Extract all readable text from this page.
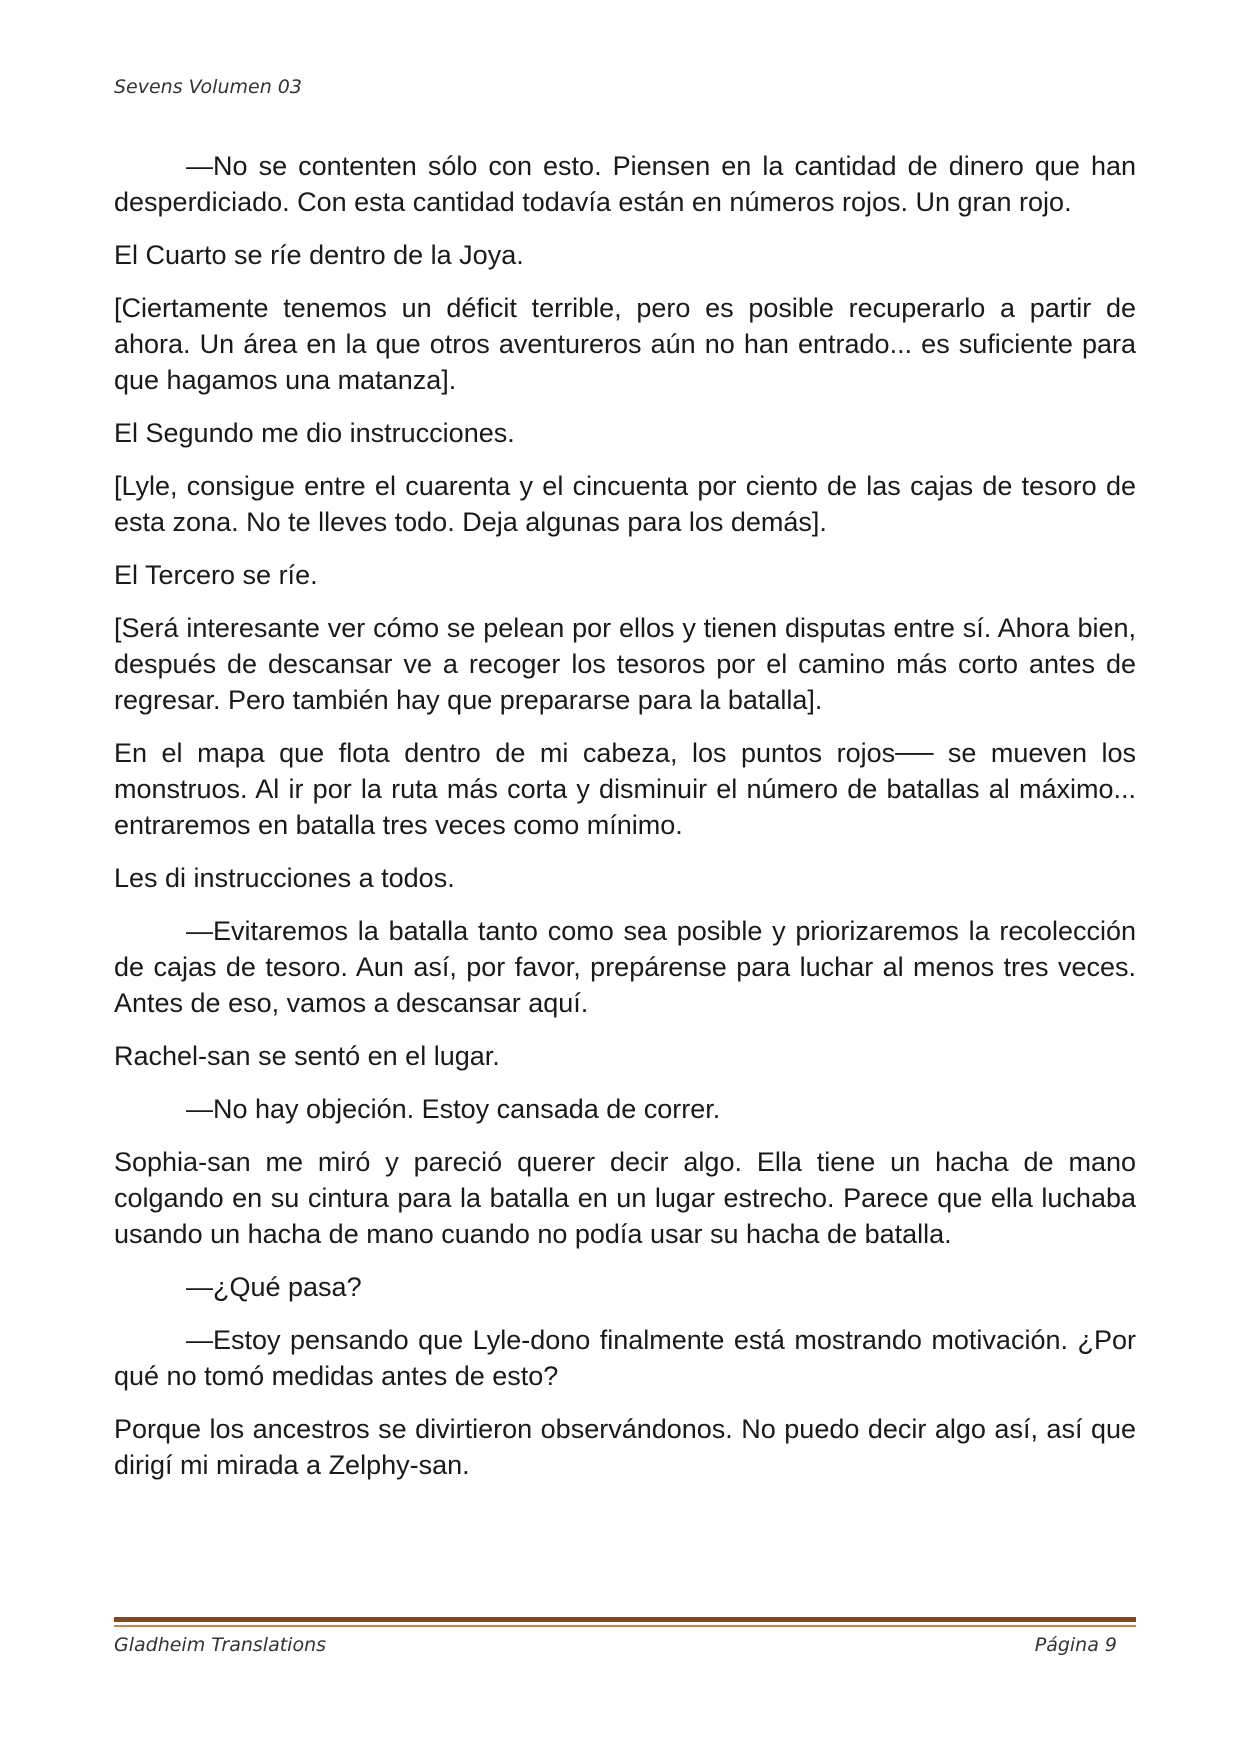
Sevens Volumen 03

—No se contenten sólo con esto. Piensen en la cantidad de dinero que han desperdiciado. Con esta cantidad todavía están en números rojos. Un gran rojo.

El Cuarto se ríe dentro de la Joya.

[Ciertamente tenemos un déficit terrible, pero es posible recuperarlo a partir de ahora. Un área en la que otros aventureros aún no han entrado... es suficiente para que hagamos una matanza].

El Segundo me dio instrucciones.

[Lyle, consigue entre el cuarenta y el cincuenta por ciento de las cajas de tesoro de esta zona. No te lleves todo. Deja algunas para los demás].

El Tercero se ríe.

[Será interesante ver cómo se pelean por ellos y tienen disputas entre sí. Ahora bien, después de descansar ve a recoger los tesoros por el camino más corto antes de regresar. Pero también hay que prepararse para la batalla].

En el mapa que flota dentro de mi cabeza, los puntos rojos── se mueven los monstruos. Al ir por la ruta más corta y disminuir el número de batallas al máximo... entraremos en batalla tres veces como mínimo.

Les di instrucciones a todos.

—Evitaremos la batalla tanto como sea posible y priorizaremos la recolección de cajas de tesoro. Aun así, por favor, prepárense para luchar al menos tres veces. Antes de eso, vamos a descansar aquí.

Rachel-san se sentó en el lugar.

—No hay objeción. Estoy cansada de correr.

Sophia-san me miró y pareció querer decir algo. Ella tiene un hacha de mano colgando en su cintura para la batalla en un lugar estrecho. Parece que ella luchaba usando un hacha de mano cuando no podía usar su hacha de batalla.

—¿Qué pasa?

—Estoy pensando que Lyle-dono finalmente está mostrando motivación. ¿Por qué no tomó medidas antes de esto?

Porque los ancestros se divirtieron observándonos. No puedo decir algo así, así que dirigí mi mirada a Zelphy-san.

Gladheim Translations	Página 9
